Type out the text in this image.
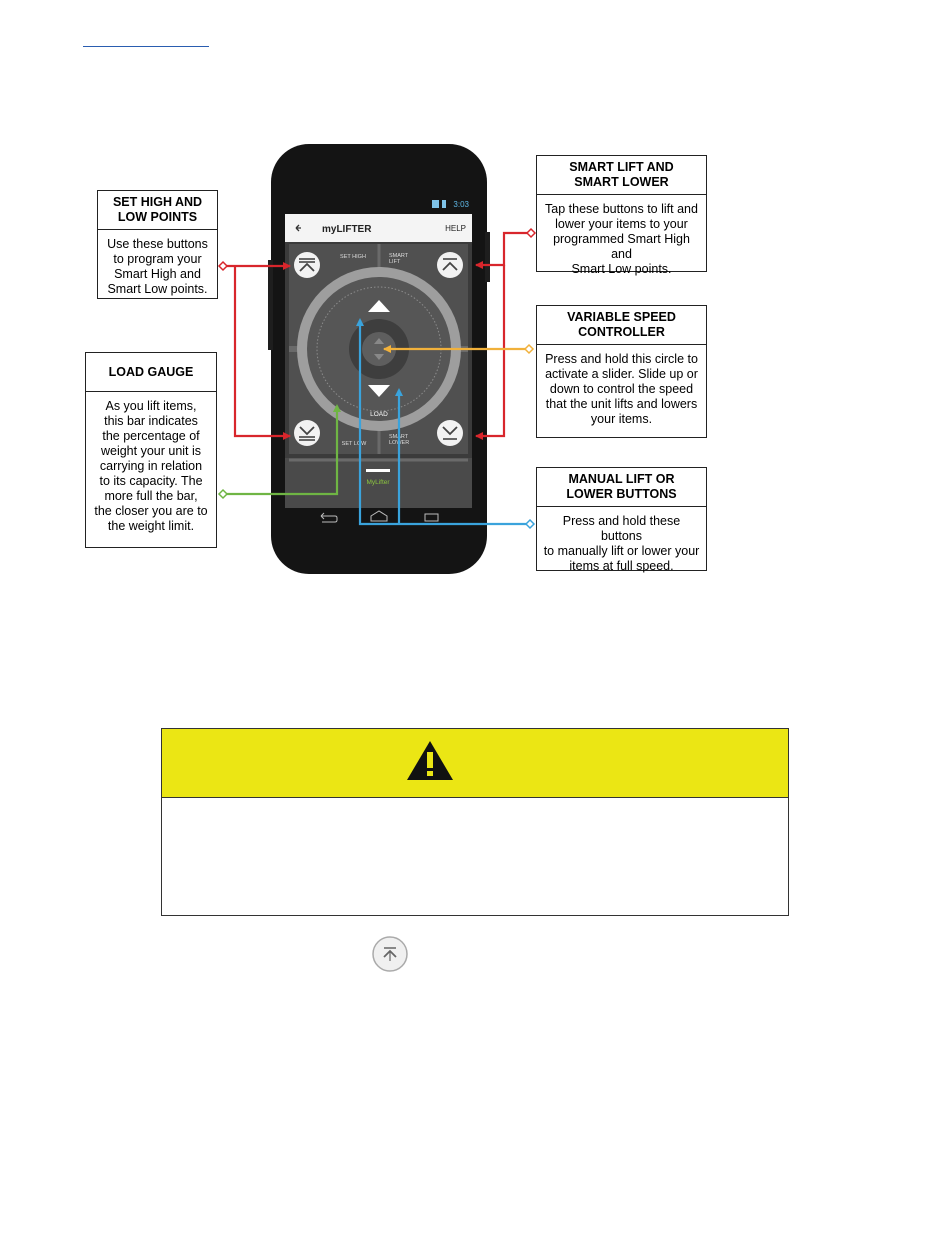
3:03
myLIFTER	HELP
LOAD
SET HIGH	SMART LIFT
SET LOW
SMART LOWER
MyLifter
SET HIGH AND
LOW POINTS
Use these buttons
to program your
Smart High and
Smart Low points.
LOAD GAUGE
As you lift items,
this bar indicates
the percentage of
weight your unit is
carrying in relation
to its capacity. The
more full the bar,
the closer you are to
the weight limit.
SMART LIFT AND
SMART LOWER
Tap these buttons to lift and
lower your items to your
programmed Smart High and
Smart Low points.
VARIABLE SPEED
CONTROLLER
Press and hold this circle to
activate a slider. Slide up or
down to control the speed
that the unit lifts and lowers
your items.
MANUAL LIFT OR
LOWER BUTTONS
Press and hold these buttons
to manually lift or lower your
items at full speed.
